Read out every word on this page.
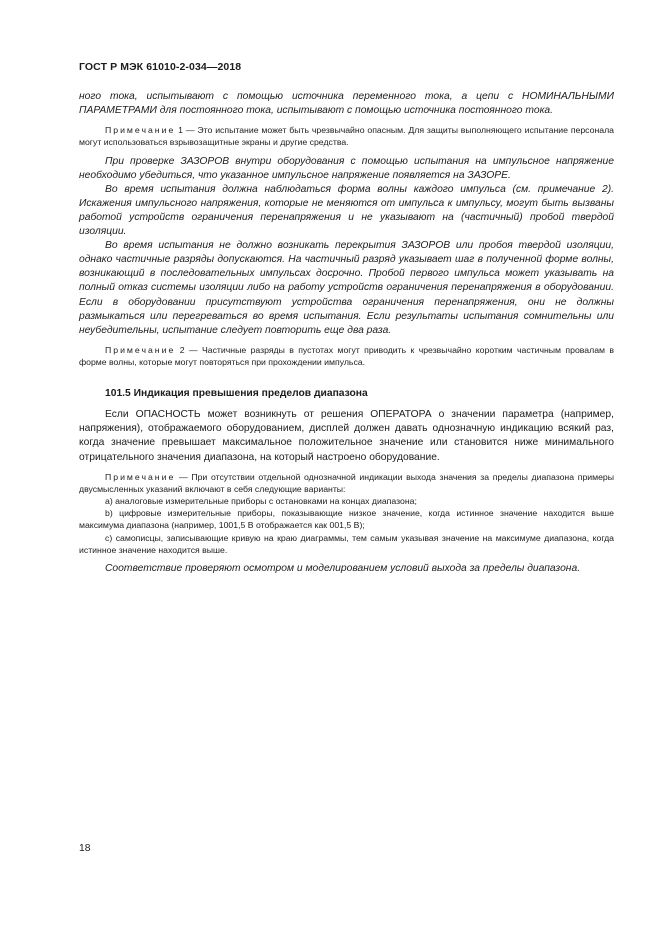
ГОСТ Р МЭК 61010-2-034—2018

ного тока, испытывают с помощью источника переменного тока, а цепи с НОМИНАЛЬНЫМИ ПАРАМЕТРАМИ для постоянного тока, испытывают с помощью источника постоянного тока.

Примечание 1 — Это испытание может быть чрезвычайно опасным. Для защиты выполняющего испытание персонала могут использоваться взрывозащитные экраны и другие средства.

При проверке ЗАЗОРОВ внутри оборудования с помощью испытания на импульсное напряжение необходимо убедиться, что указанное импульсное напряжение появляется на ЗАЗОРЕ.

Во время испытания должна наблюдаться форма волны каждого импульса (см. примечание 2). Искажения импульсного напряжения, которые не меняются от импульса к импульсу, могут быть вызваны работой устройств ограничения перенапряжения и не указывают на (частичный) пробой твердой изоляции.

Во время испытания не должно возникать перекрытия ЗАЗОРОВ или пробоя твердой изоляции, однако частичные разряды допускаются. На частичный разряд указывает шаг в полученной форме волны, возникающий в последовательных импульсах досрочно. Пробой первого импульса может указывать на полный отказ системы изоляции либо на работу устройств ограничения перенапряжения в оборудовании. Если в оборудовании присутствуют устройства ограничения перенапряжения, они не должны размыкаться или перегреваться во время испытания. Если результаты испытания сомнительны или неубедительны, испытание следует повторить еще два раза.

Примечание 2 — Частичные разряды в пустотах могут приводить к чрезвычайно коротким частичным провалам в форме волны, которые могут повторяться при прохождении импульса.

101.5 Индикация превышения пределов диапазона

Если ОПАСНОСТЬ может возникнуть от решения ОПЕРАТОРА о значении параметра (например, напряжения), отображаемого оборудованием, дисплей должен давать однозначную индикацию всякий раз, когда значение превышает максимальное положительное значение или становится ниже минимального отрицательного значения диапазона, на который настроено оборудование.

Примечание — При отсутствии отдельной однозначной индикации выхода значения за пределы диапазона примеры двусмысленных указаний включают в себя следующие варианты:

а) аналоговые измерительные приборы с остановками на концах диапазона;

b) цифровые измерительные приборы, показывающие низкое значение, когда истинное значение находится выше максимума диапазона (например, 1001,5 В отображается как 001,5 В);

с) самописцы, записывающие кривую на краю диаграммы, тем самым указывая значение на максимуме диапазона, когда истинное значение находится выше.

Соответствие проверяют осмотром и моделированием условий выхода за пределы диапазона.

18
